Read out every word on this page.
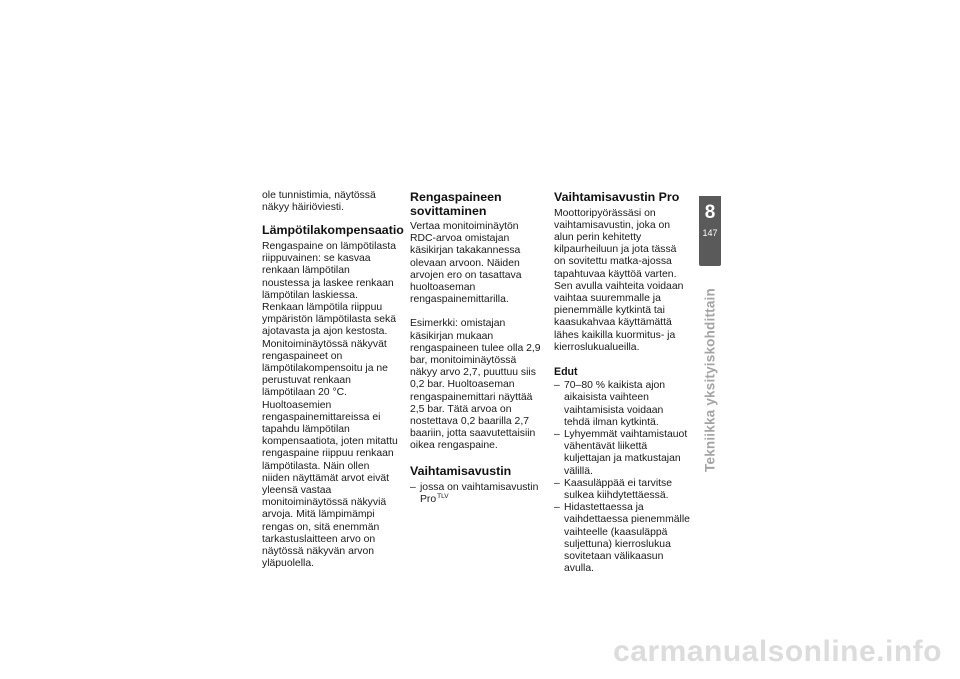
ole tunnistimia, näytössä näkyy häiriöviesti.

Lämpötilakompensaatio

Rengaspaine on lämpötilasta riippuvainen: se kasvaa renkaan lämpötilan noustessa ja laskee renkaan lämpötilan laskiessa. Renkaan lämpötila riippuu ympäristön lämpötilasta sekä ajotavasta ja ajon kestosta. Monitoiminäytössä näkyvät rengaspaineet on lämpötilakompensoitu ja ne perustuvat renkaan lämpötilaan 20 °C. Huoltoasemien rengaspainemittareissa ei tapahdu lämpötilan kompensaatiota, joten mitattu rengaspaine riippuu renkaan lämpötilasta. Näin ollen niiden näyttämät arvot eivät yleensä vastaa monitoiminäytössä näkyviä arvoja. Mitä lämpimämpi rengas on, sitä enemmän tarkastuslaitteen arvo on näytössä näkyvän arvon yläpuolella.

Rengaspaineen sovittaminen

Vertaa monitoiminäytön RDC-arvoa omistajan käsikirjan takakannessa olevaan arvoon. Näiden arvojen ero on tasattava huoltoaseman rengaspainemittarilla.

Esimerkki: omistajan käsikirjan mukaan rengaspaineen tulee olla 2,9 bar, monitoiminäytössä näkyy arvo 2,7, puuttuu siis 0,2 bar. Huoltoaseman rengaspainemittari näyttää 2,5 bar. Tätä arvoa on nostettava 0,2 baarilla 2,7 baariin, jotta saavutettaisiin oikea rengaspaine.

Vaihtamisavustin
– jossa on vaihtamisavustin Pro$^{TLV}$
Vaihtamisavustin Pro

Moottoripyörässäsi on vaihtamisavustin, joka on alun perin kehitetty kilpaurheiluun ja jota tässä on sovitettu matka-ajossa tapahtuvaa käyttöä varten. Sen avulla vaihteita voidaan vaihtaa suuremmalle ja pienemmälle kytkintä tai kaasukahvaa käyttämättä lähes kaikilla kuormitus- ja kierroslukualueilla.

Edut
– 70–80 % kaikista ajon aikaisista vaihteen vaihtamisista voidaan tehdä ilman kytkintä.
– Lyhyemmät vaihtamistauot vähentävät liikettä kuljettajan ja matkustajan välillä.
– Kaasuläppää ei tarvitse sulkea kiihdytettäessä.
– Hidastettaessa ja vaihdettaessa pienemmälle vaihteelle (kaasuläppä suljettuna) kierroslukua sovitetaan välikaasun avulla.
8
147
Tekniikka yksityiskohdittain
carmanualsonline.info
